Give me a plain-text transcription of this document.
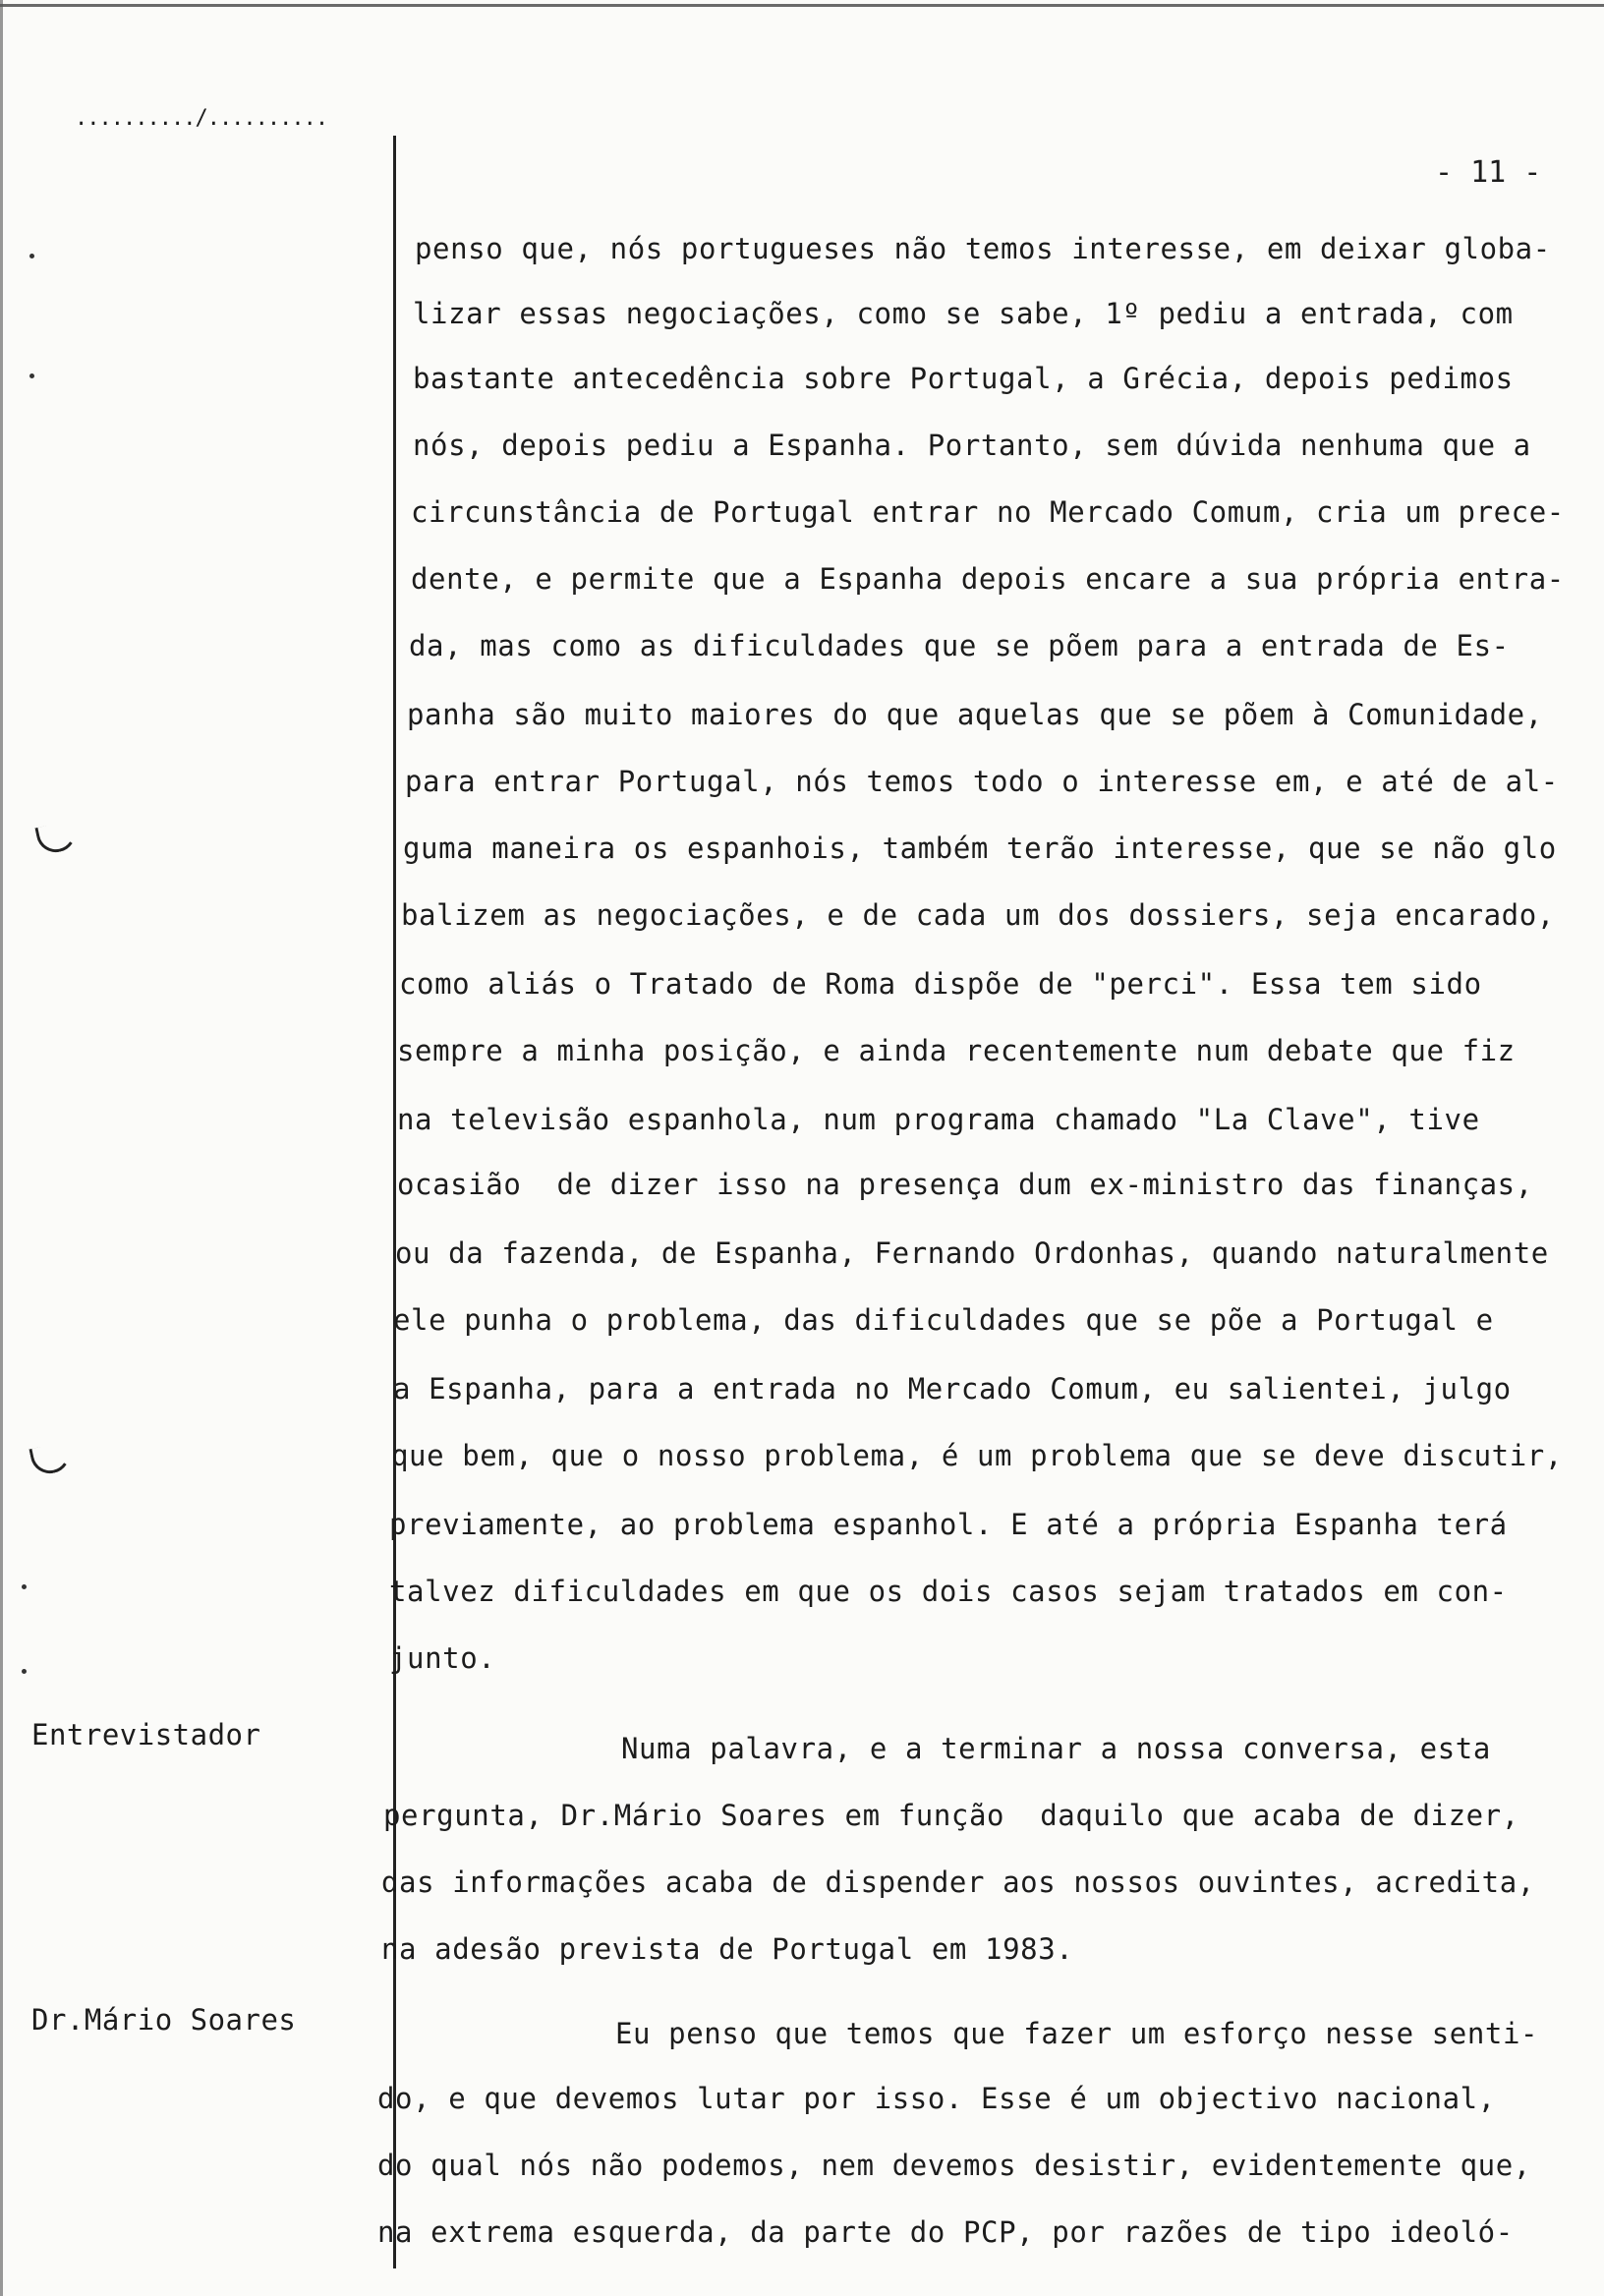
........../..........
- 11 -
Entrevistador
Dr.Mário Soares
penso que, nós portugueses não temos interesse, em deixar globa-
lizar essas negociações, como se sabe, 1º pediu a entrada, com
bastante antecedência sobre Portugal, a Grécia, depois pedimos
nós, depois pediu a Espanha. Portanto, sem dúvida nenhuma que a
circunstância de Portugal entrar no Mercado Comum, cria um prece-
dente, e permite que a Espanha depois encare a sua própria entra-
da, mas como as dificuldades que se põem para a entrada de Es-
panha são muito maiores do que aquelas que se põem à Comunidade,
para entrar Portugal, nós temos todo o interesse em, e até de al-
guma maneira os espanhois, também terão interesse, que se não glo
balizem as negociações, e de cada um dos dossiers, seja encarado,
como aliás o Tratado de Roma dispõe de "perci". Essa tem sido
sempre a minha posição, e ainda recentemente num debate que fiz
na televisão espanhola, num programa chamado "La Clave", tive
ocasião  de dizer isso na presença dum ex-ministro das finanças,
ou da fazenda, de Espanha, Fernando Ordonhas, quando naturalmente
ele punha o problema, das dificuldades que se põe a Portugal e
a Espanha, para a entrada no Mercado Comum, eu salientei, julgo
que bem, que o nosso problema, é um problema que se deve discutir,
previamente, ao problema espanhol. E até a própria Espanha terá
talvez dificuldades em que os dois casos sejam tratados em con-
junto.
Numa palavra, e a terminar a nossa conversa, esta
pergunta, Dr.Mário Soares em função  daquilo que acaba de dizer,
das informações acaba de dispender aos nossos ouvintes, acredita,
na adesão prevista de Portugal em 1983.
Eu penso que temos que fazer um esforço nesse senti-
do, e que devemos lutar por isso. Esse é um objectivo nacional,
do qual nós não podemos, nem devemos desistir, evidentemente que,
na extrema esquerda, da parte do PCP, por razões de tipo ideoló-
